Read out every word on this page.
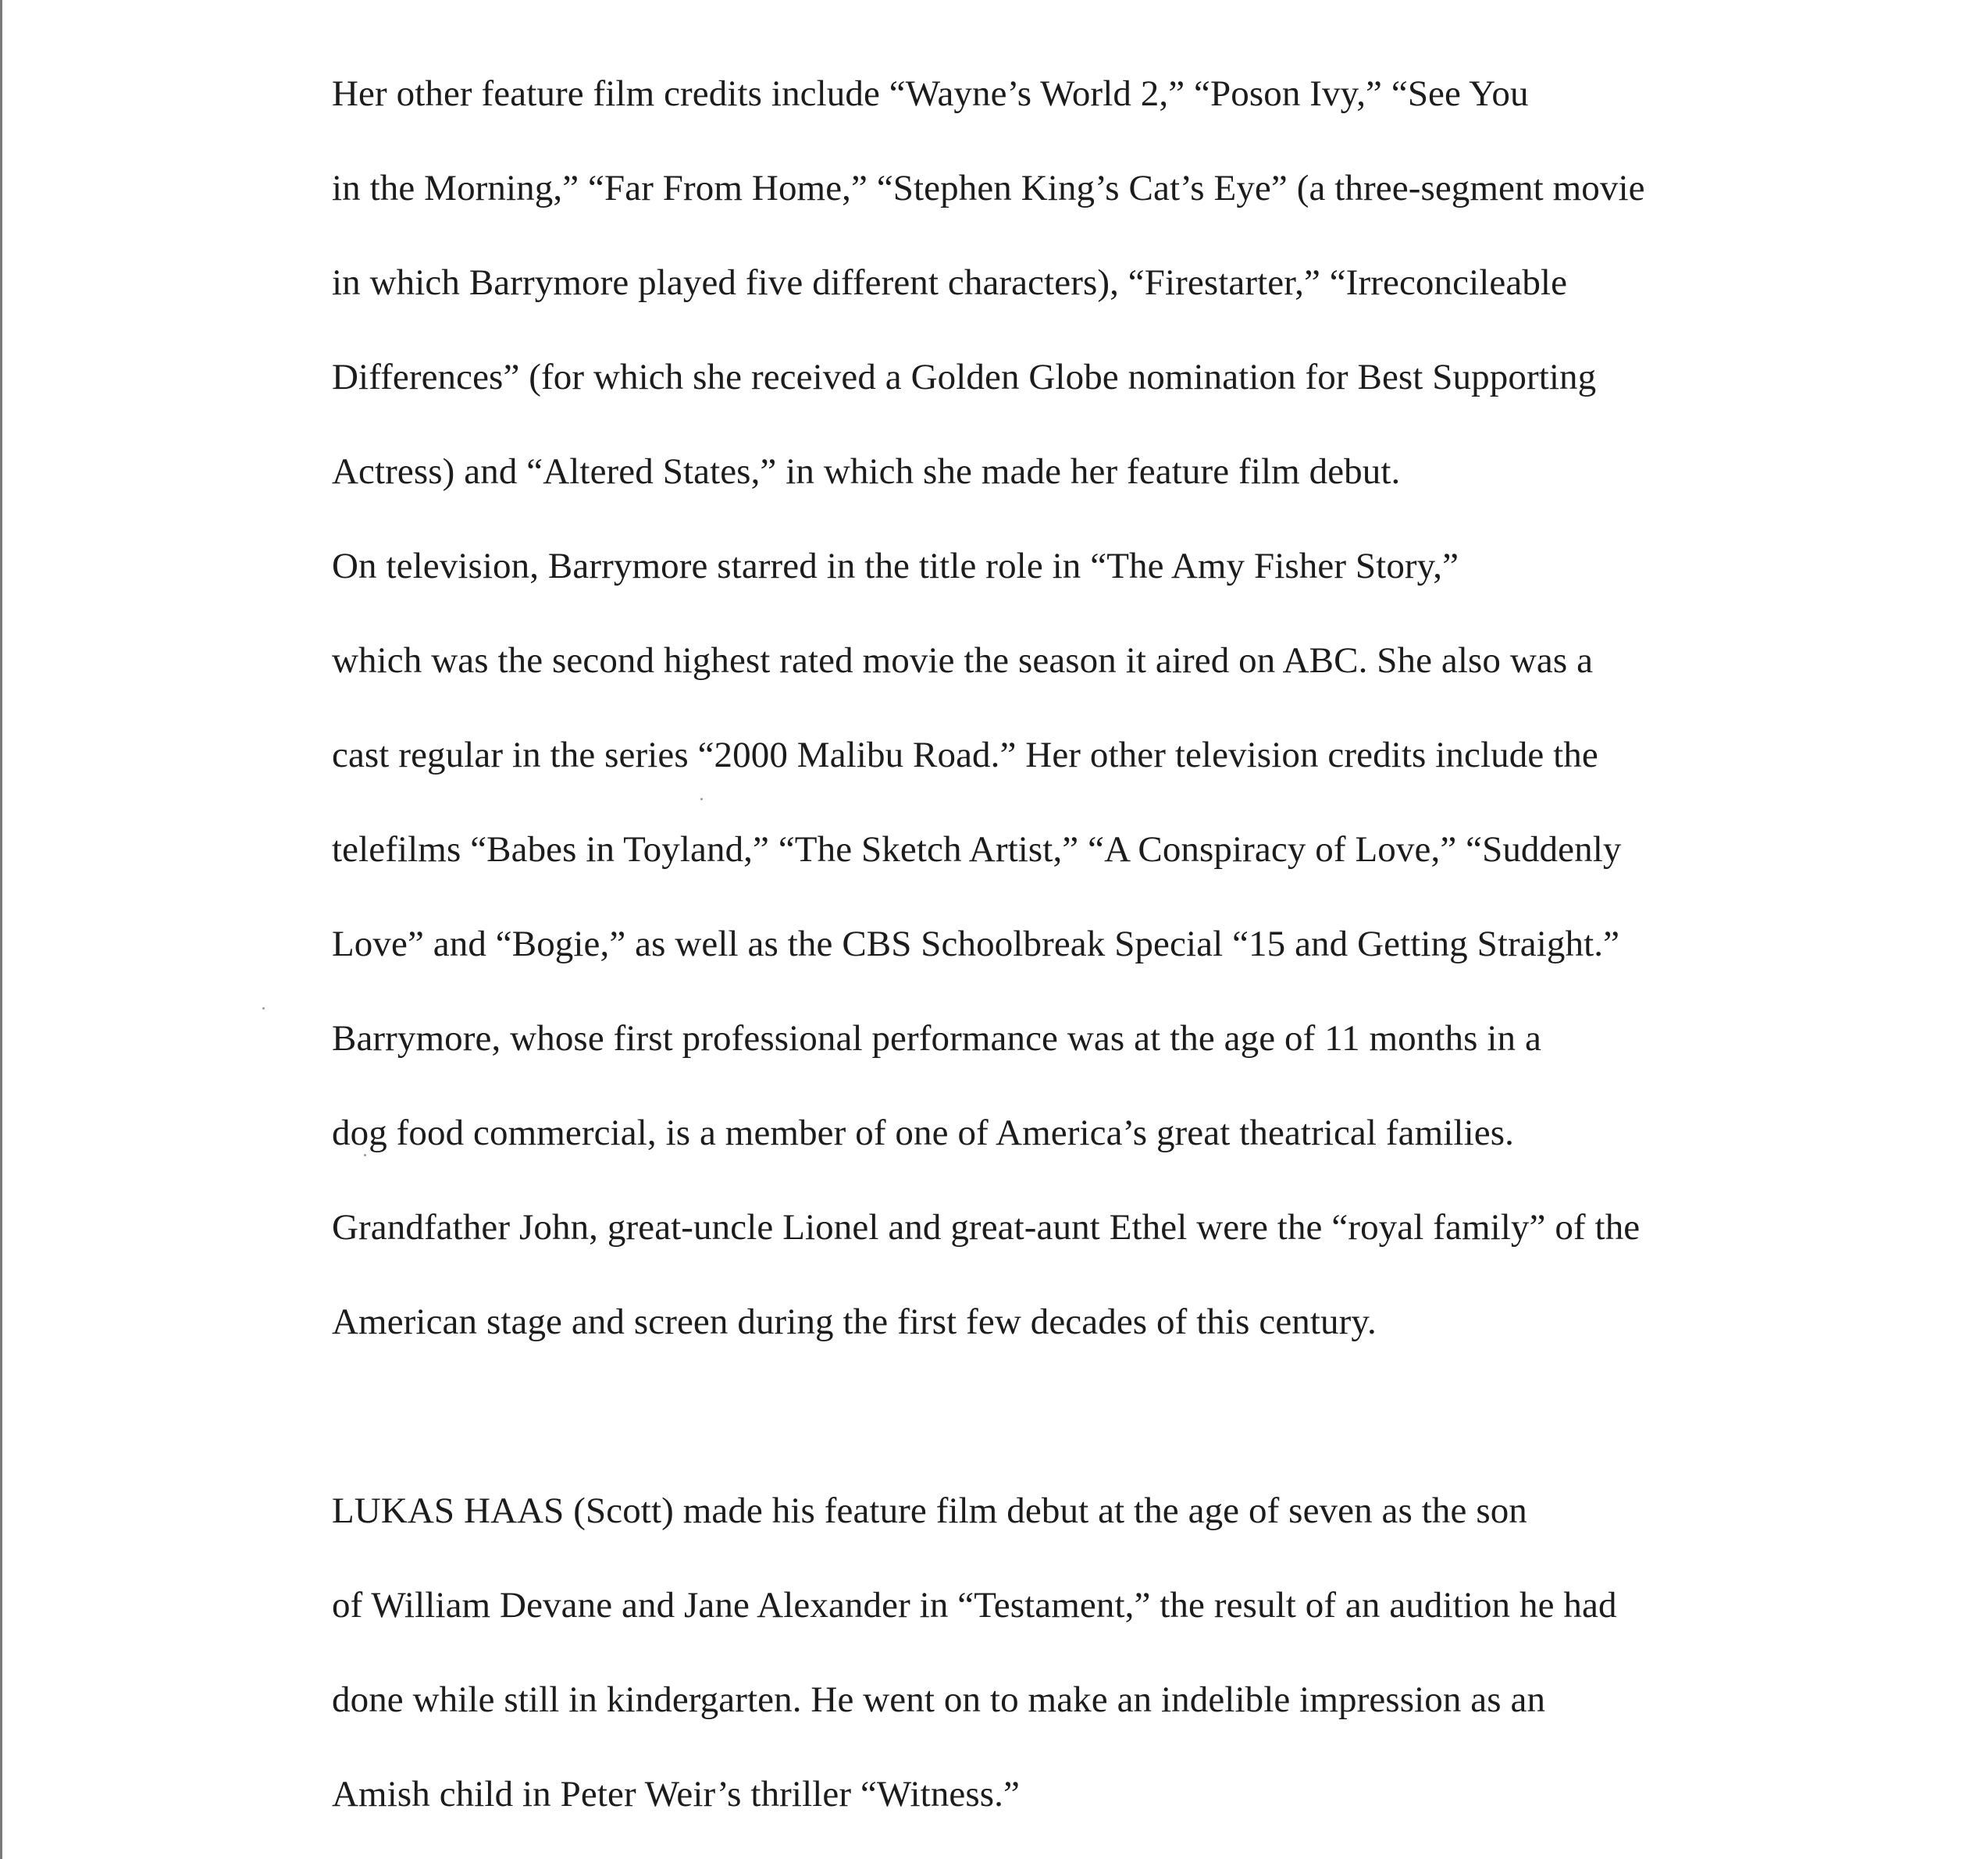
Her other feature film credits include “Wayne’s World 2,” “Poson Ivy,” “See You

in the Morning,” “Far From Home,” “Stephen King’s Cat’s Eye” (a three-segment movie

in which Barrymore played five different characters), “Firestarter,” “Irreconcileable

Differences” (for which she received a Golden Globe nomination for Best Supporting

Actress) and “Altered States,” in which she made her feature film debut.

On television, Barrymore starred in the title role in “The Amy Fisher Story,”

which was the second highest rated movie the season it aired on ABC. She also was a

cast regular in the series “2000 Malibu Road.” Her other television credits include the

telefilms “Babes in Toyland,” “The Sketch Artist,” “A Conspiracy of Love,” “Suddenly

Love” and “Bogie,” as well as the CBS Schoolbreak Special “15 and Getting Straight.”

Barrymore, whose first professional performance was at the age of 11 months in a

dog food commercial, is a member of one of America’s great theatrical families.

Grandfather John, great-uncle Lionel and great-aunt Ethel were the “royal family” of the

American stage and screen during the first few decades of this century.

LUKAS HAAS (Scott) made his feature film debut at the age of seven as the son

of William Devane and Jane Alexander in “Testament,” the result of an audition he had

done while still in kindergarten. He went on to make an indelible impression as an

Amish child in Peter Weir’s thriller “Witness.”
